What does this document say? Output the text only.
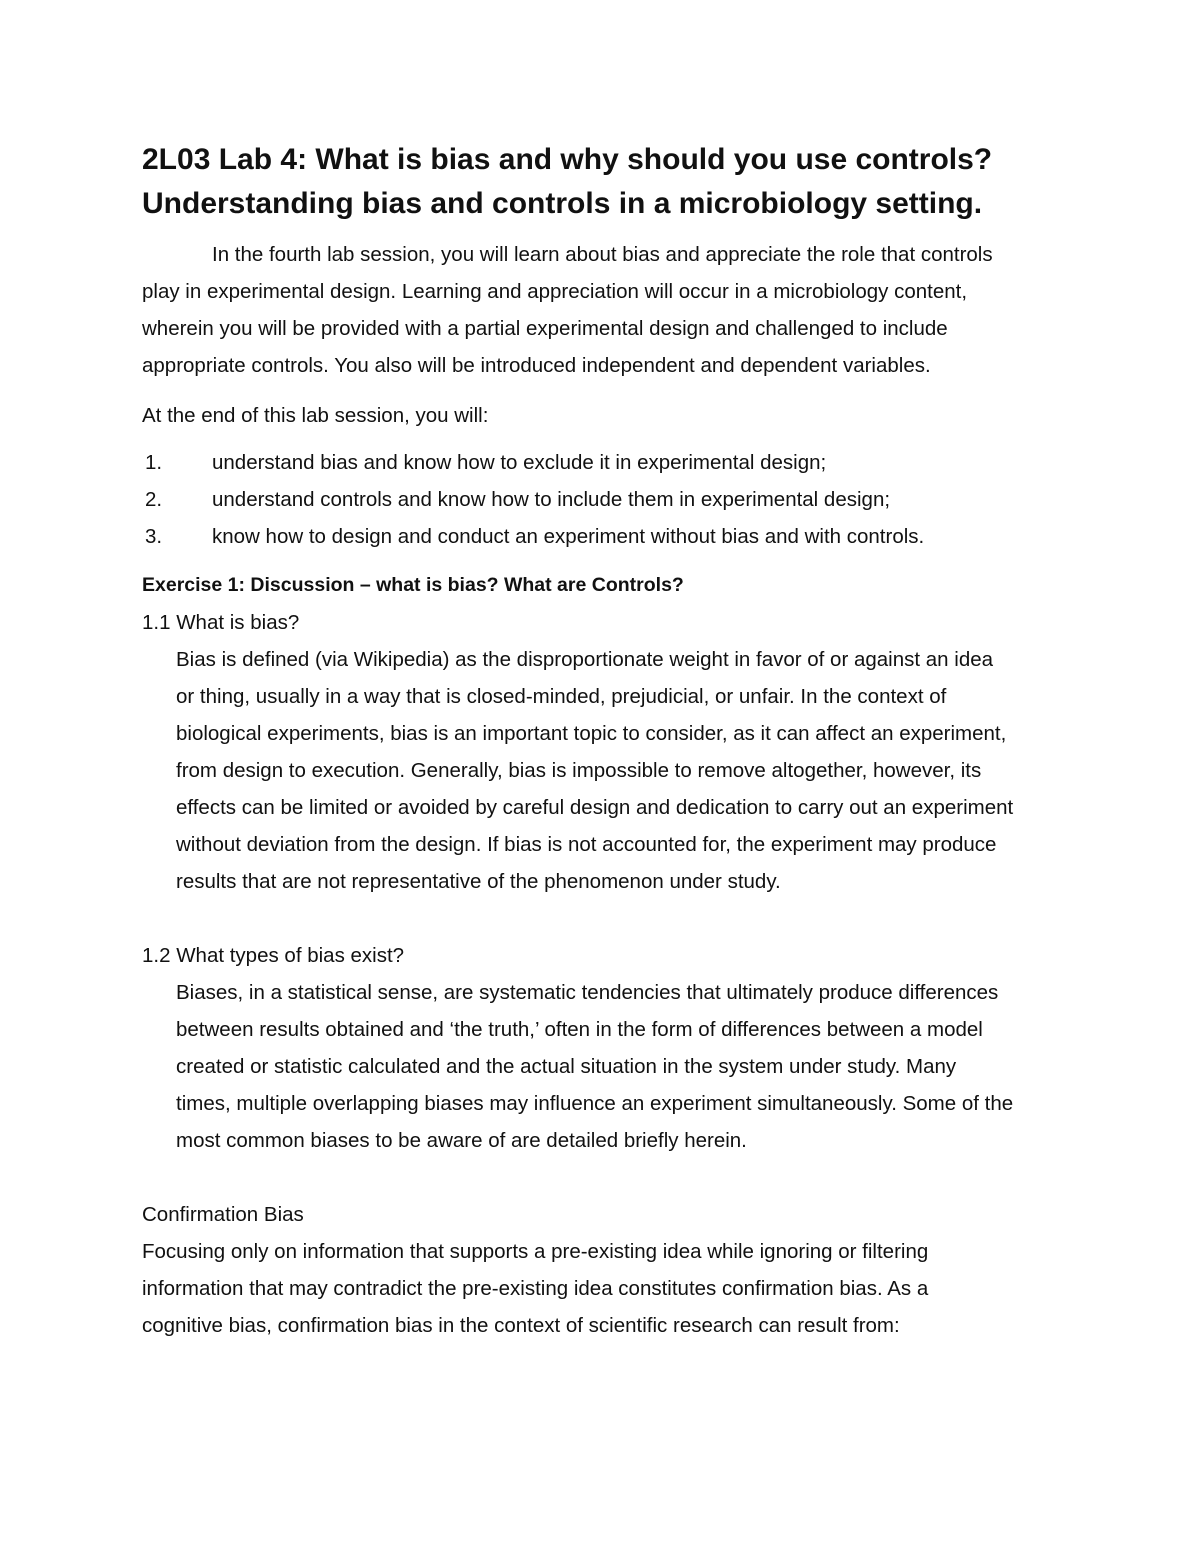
2L03 Lab 4: What is bias and why should you use controls?
Understanding bias and controls in a microbiology setting.
In the fourth lab session, you will learn about bias and appreciate the role that controls
play in experimental design. Learning and appreciation will occur in a microbiology content,
wherein you will be provided with a partial experimental design and challenged to include
appropriate controls. You also will be introduced independent and dependent variables.
At the end of this lab session, you will:
1.	understand bias and know how to exclude it in experimental design;
2.	understand controls and know how to include them in experimental design;
3.	know how to design and conduct an experiment without bias and with controls.
Exercise 1: Discussion – what is bias? What are Controls?
1.1 What is bias?
Bias is defined (via Wikipedia) as the disproportionate weight in favor of or against an idea
or thing, usually in a way that is closed-minded, prejudicial, or unfair. In the context of
biological experiments, bias is an important topic to consider, as it can affect an experiment,
from design to execution. Generally, bias is impossible to remove altogether, however, its
effects can be limited or avoided by careful design and dedication to carry out an experiment
without deviation from the design. If bias is not accounted for, the experiment may produce
results that are not representative of the phenomenon under study.
1.2 What types of bias exist?
Biases, in a statistical sense, are systematic tendencies that ultimately produce differences
between results obtained and ‘the truth,’ often in the form of differences between a model
created or statistic calculated and the actual situation in the system under study. Many
times, multiple overlapping biases may influence an experiment simultaneously. Some of the
most common biases to be aware of are detailed briefly herein.
Confirmation Bias
Focusing only on information that supports a pre-existing idea while ignoring or filtering
information that may contradict the pre-existing idea constitutes confirmation bias. As a
cognitive bias, confirmation bias in the context of scientific research can result from:
